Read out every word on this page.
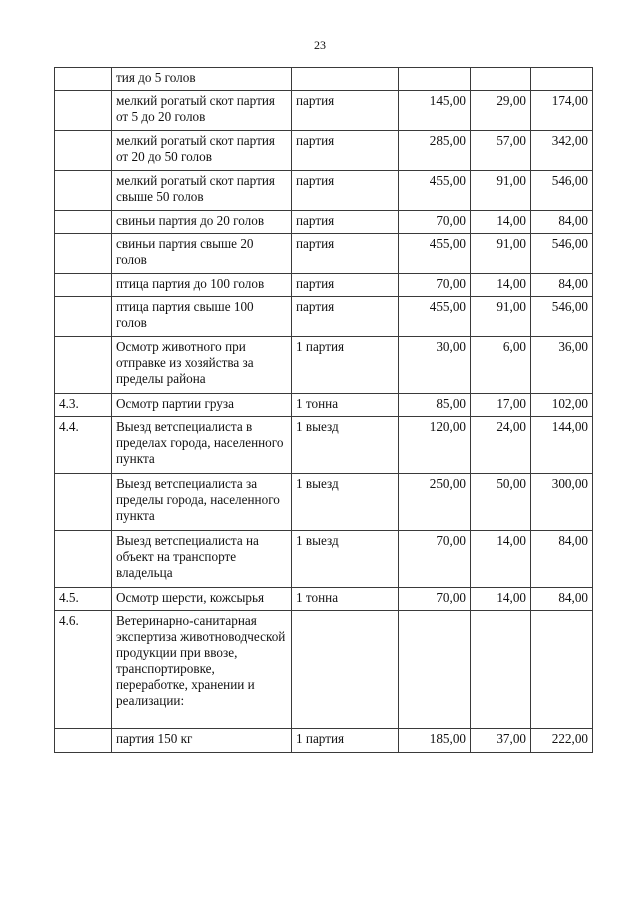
23
	тия до 5 голов				
	мелкий рогатый скот партия от 5 до 20 голов	партия	145,00	29,00	174,00
	мелкий рогатый скот партия от 20 до 50 голов	партия	285,00	57,00	342,00
	мелкий рогатый скот партия свыше 50 голов	партия	455,00	91,00	546,00
	свиньи партия до 20 голов	партия	70,00	14,00	84,00
	свиньи партия свыше 20 голов	партия	455,00	91,00	546,00
	птица партия до 100 голов	партия	70,00	14,00	84,00
	птица партия свыше 100 голов	партия	455,00	91,00	546,00
	Осмотр животного при отправке из хозяйства за пределы района	1 партия	30,00	6,00	36,00
4.3.	Осмотр партии груза	1 тонна	85,00	17,00	102,00
4.4.	Выезд ветспециалиста в пределах города, населенного пункта	1 выезд	120,00	24,00	144,00
	Выезд ветспециалиста за пределы города, населенного пункта	1 выезд	250,00	50,00	300,00
	Выезд ветспециалиста на объект на транспорте владельца	1 выезд	70,00	14,00	84,00
4.5.	Осмотр шерсти, кожсырья	1 тонна	70,00	14,00	84,00
4.6.	Ветеринарно-санитарная экспертиза животноводческой продукции при ввозе, транспортировке, переработке, хранении и реализации:				
	партия 150 кг	1 партия	185,00	37,00	222,00
